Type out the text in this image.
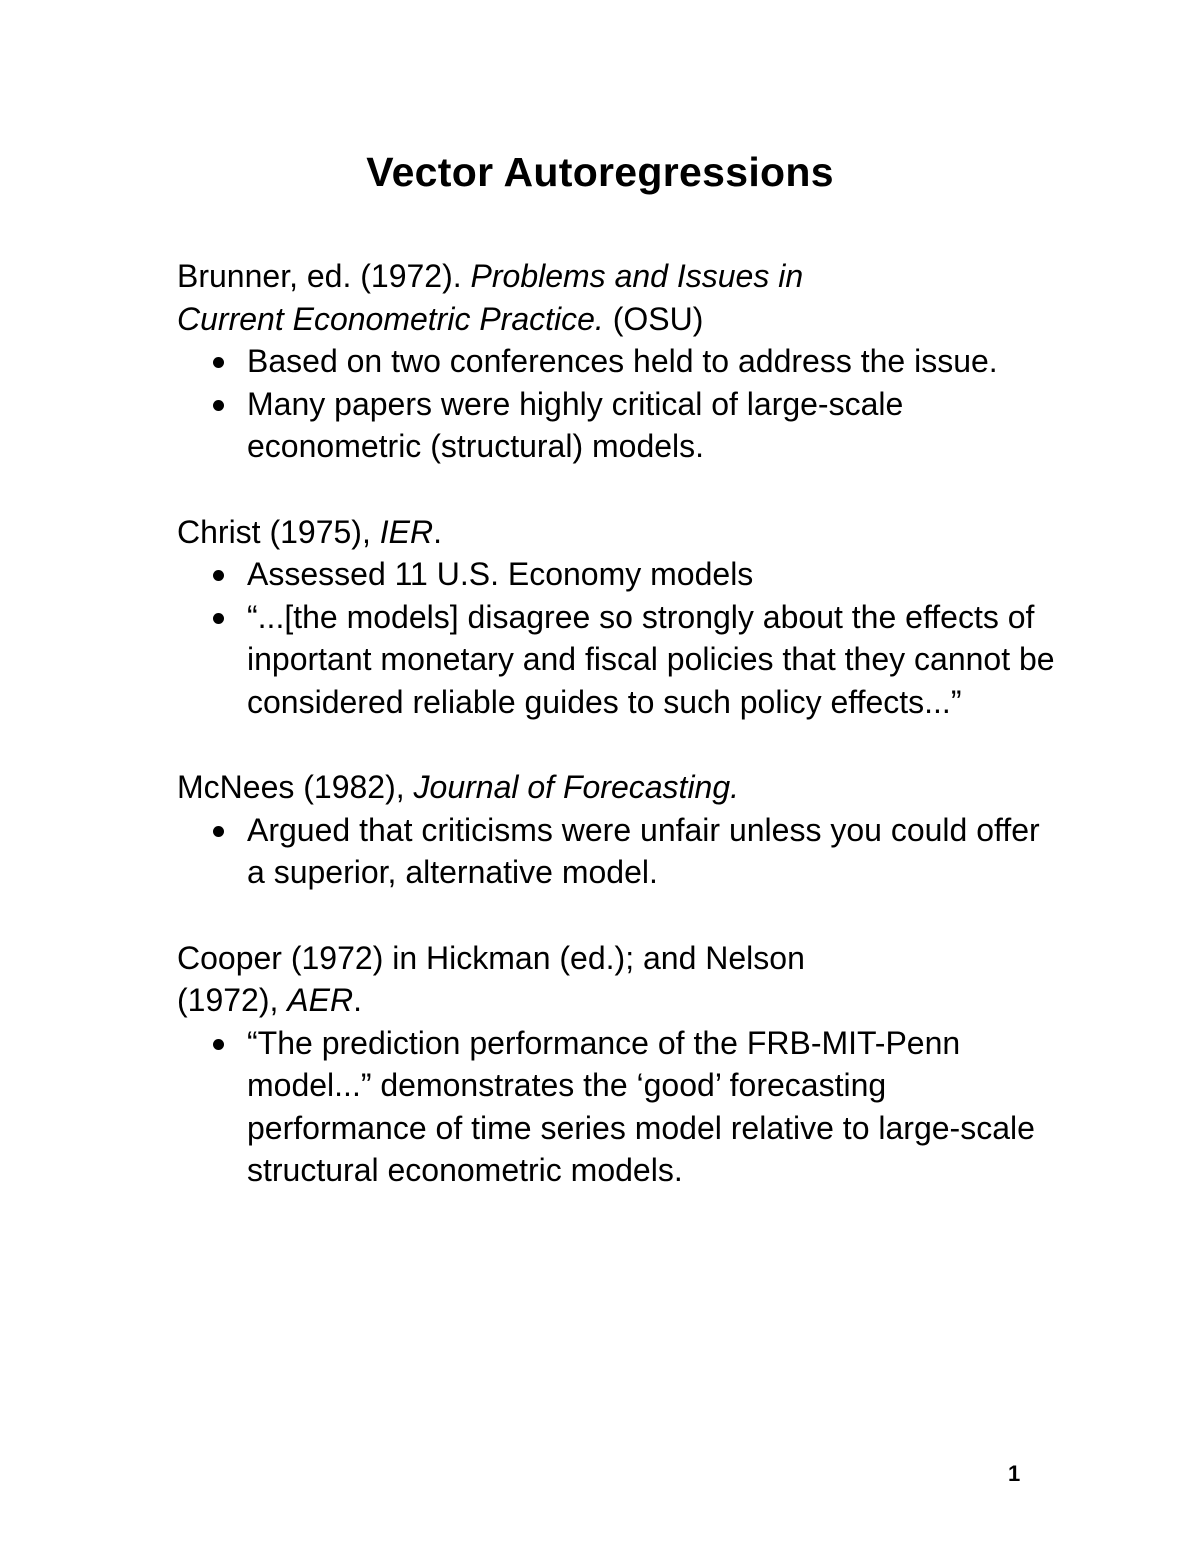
Vector Autoregressions
Brunner, ed. (1972). Problems and Issues in
Current Econometric Practice. (OSU)
Based on two conferences held to address the issue.
Many papers were highly critical of large-scale econometric (structural) models.
Christ (1975), IER.
Assessed 11 U.S. Economy models
“...[the models] disagree so strongly about the effects of inportant monetary and fiscal policies that they cannot be considered reliable guides to such policy effects...”
McNees (1982), Journal of Forecasting.
Argued that criticisms were unfair unless you could offer a superior, alternative model.
Cooper (1972) in Hickman (ed.); and Nelson
(1972), AER.
“The prediction performance of the FRB-MIT-Penn model...” demonstrates the ‘good’ forecasting performance of time series model relative to large-scale structural econometric models.
1
